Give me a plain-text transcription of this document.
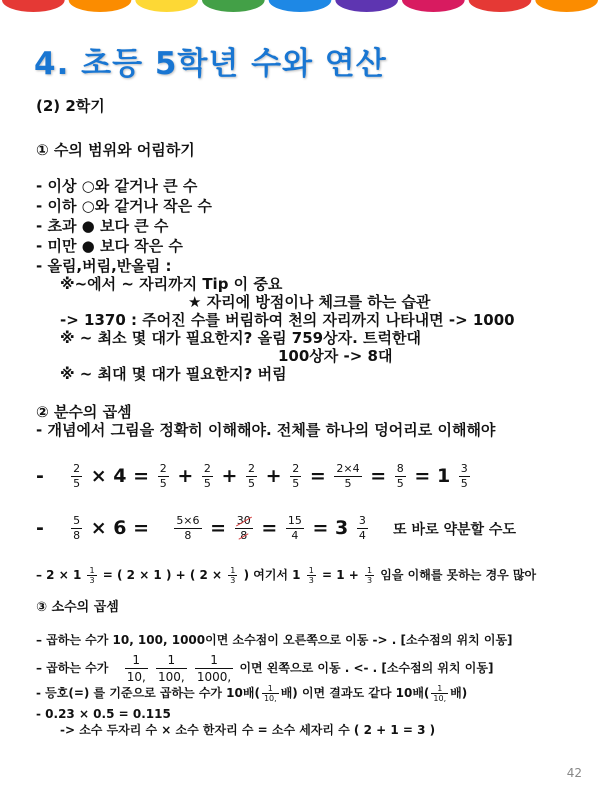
4. 초등 5학년 수와 연산
(2) 2학기
① 수의 범위와 어림하기
- 이상 ○와 같거나 큰 수
- 이하 ○와 같거나 작은 수
- 초과 ● 보다 큰 수
- 미만 ● 보다 작은 수
- 올림,버림,반올림 :
※~에서 ~ 자리까지 Tip 이 중요
★ 자리에 방점이나 체크를 하는 습관
-> 1370 : 주어진 수를 버림하여 천의 자리까지 나타내면 -> 1000
※ ~ 최소 몇 대가 필요한지? 올림 759상자. 트럭한대
100상자 -> 8대
※ ~ 최대 몇 대가 필요한지? 버림
② 분수의 곱셈
- 개념에서 그림을 정확히 이해해야. 전체를 하나의 덩어리로 이해해야
- $\frac{2}{5} \times 4 = \frac{2}{5} + \frac{2}{5} + \frac{2}{5} + \frac{2}{5} = \frac{2\times 4}{5} = \frac{8}{5} = 1 \frac{3}{5}$
- $\frac{5}{8} \times 6 = \frac{5\times 6}{8} = \frac{30}{8} = \frac{15}{4} = 3 \frac{3}{4}$ 또 바로 약분할 수도
– $2 \times 1 \frac{1}{3}$ = ( 2 × 1 ) + ( $2 \times \frac{1}{3}$ ) 여기서 $1 \frac{1}{3} = 1 + \frac{1}{3}$ 임을 이해를 못하는 경우 많아
③ 소수의 곱셈
– 곱하는 수가 10, 100, 1000이면 소수점이 오른쪽으로 이동 -> . [소수점의 위치 이동]
– 곱하는 수가 $\frac{1}{10,}$
$\frac{1}{100,}$
$\frac{1}{1000,}$ 이면 왼쪽으로 이동 . <- . [소수점의 위치 이동]
- 등호(=) 를 기준으로 곱하는 수가 10배( $\frac{1}{10,}$ 배) 이면 결과도 같다 10배( $\frac{1}{10,}$ 배)
- 0.23 × 0.5 = 0.115
-> 소수 두자리 수 × 소수 한자리 수 = 소수 세자리 수 ( 2 + 1 = 3 )
42
